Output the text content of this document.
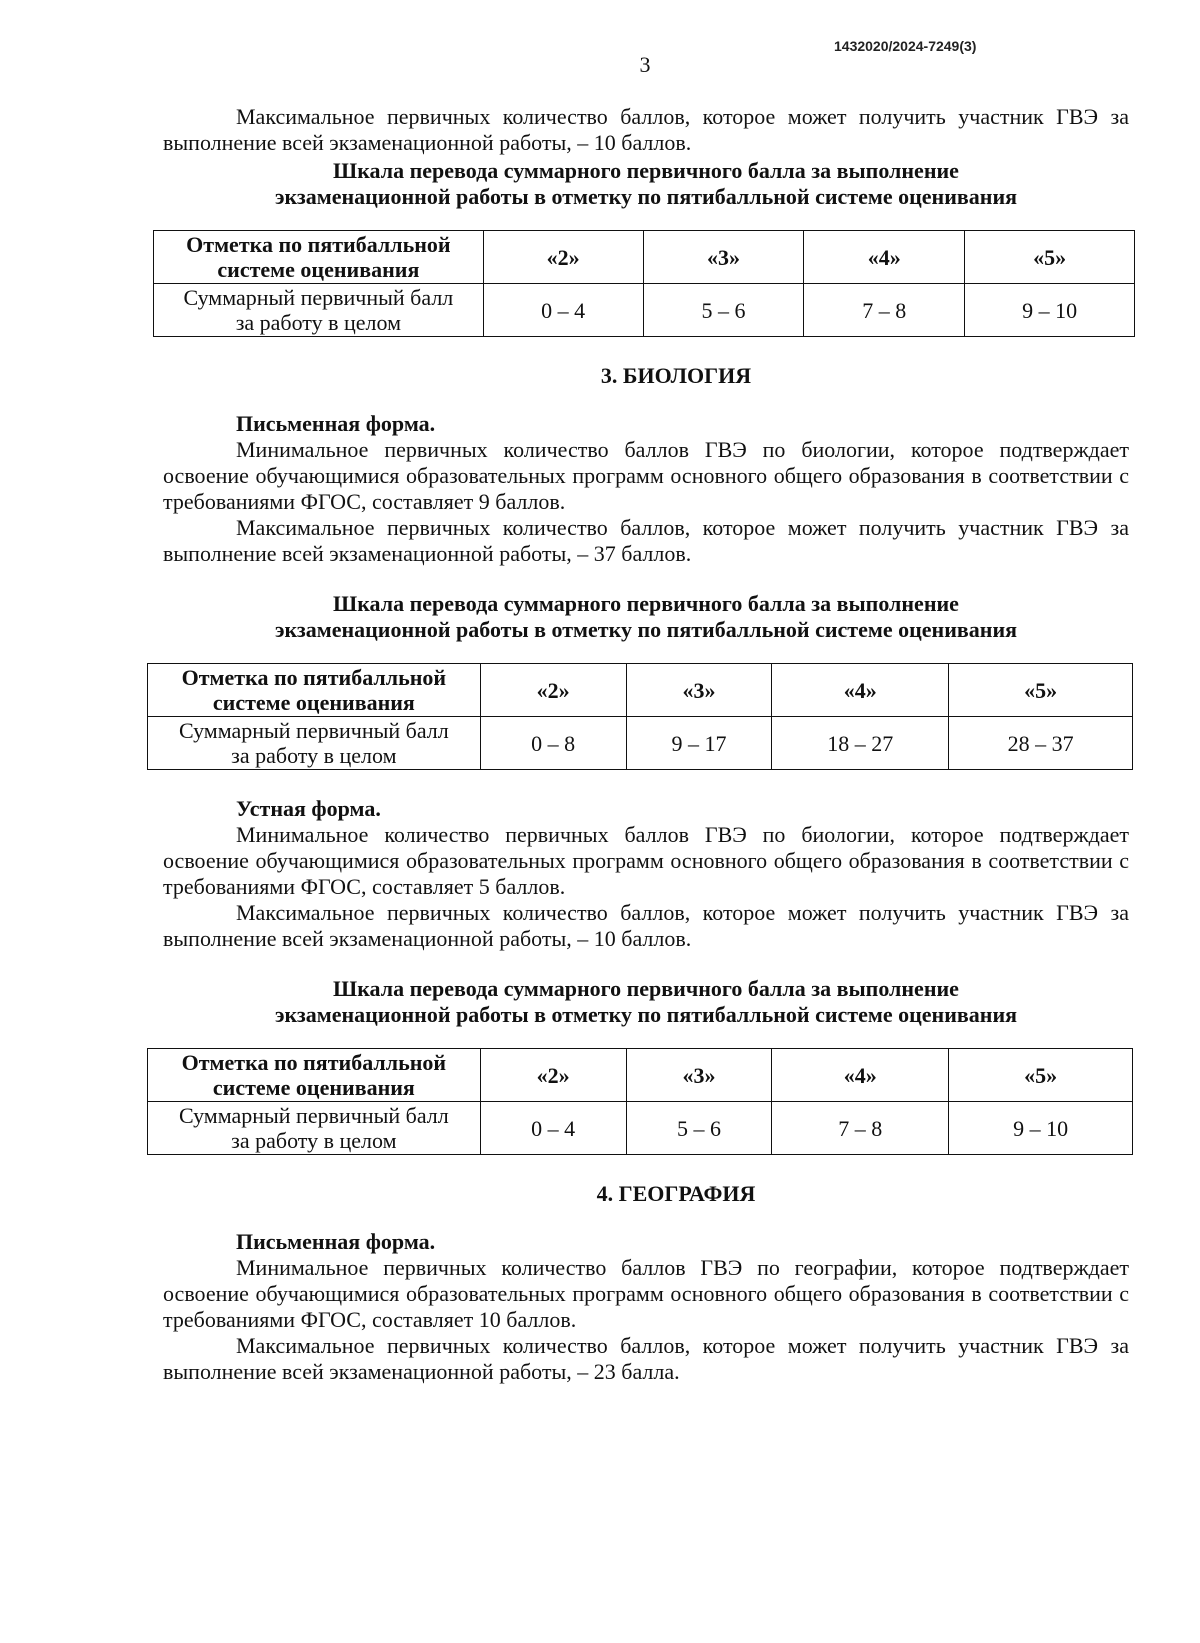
1432020/2024-7249(3)
3

Максимальное первичных количество баллов, которое может получить участник ГВЭ за выполнение всей экзаменационной работы, – 10 баллов.

Шкала перевода суммарного первичного балла за выполнение
экзаменационной работы в отметку по пятибалльной системе оценивания
Отметка по пятибалльной
системе оценивания	«2»	«3»	«4»	«5»
Суммарный первичный балл
за работу в целом	0 – 4	5 – 6	7 – 8	9 – 10
3. БИОЛОГИЯ
Письменная форма.

Минимальное первичных количество баллов ГВЭ по биологии, которое подтверждает освоение обучающимися образовательных программ основного общего образования в соответствии с требованиями ФГОС, составляет 9 баллов.

Максимальное первичных количество баллов, которое может получить участник ГВЭ за выполнение всей экзаменационной работы, – 37 баллов.

Шкала перевода суммарного первичного балла за выполнение
экзаменационной работы в отметку по пятибалльной системе оценивания
Отметка по пятибалльной
системе оценивания	«2»	«3»	«4»	«5»
Суммарный первичный балл
за работу в целом	0 – 8	9 – 17	18 – 27	28 – 37
Устная форма.

Минимальное количество первичных баллов ГВЭ по биологии, которое подтверждает освоение обучающимися образовательных программ основного общего образования в соответствии с требованиями ФГОС, составляет 5 баллов.

Максимальное первичных количество баллов, которое может получить участник ГВЭ за выполнение всей экзаменационной работы, – 10 баллов.

Шкала перевода суммарного первичного балла за выполнение
экзаменационной работы в отметку по пятибалльной системе оценивания
Отметка по пятибалльной
системе оценивания	«2»	«3»	«4»	«5»
Суммарный первичный балл
за работу в целом	0 – 4	5 – 6	7 – 8	9 – 10
4. ГЕОГРАФИЯ
Письменная форма.

Минимальное первичных количество баллов ГВЭ по географии, которое подтверждает освоение обучающимися образовательных программ основного общего образования в соответствии с требованиями ФГОС, составляет 10 баллов.

Максимальное первичных количество баллов, которое может получить участник ГВЭ за выполнение всей экзаменационной работы, – 23 балла.
